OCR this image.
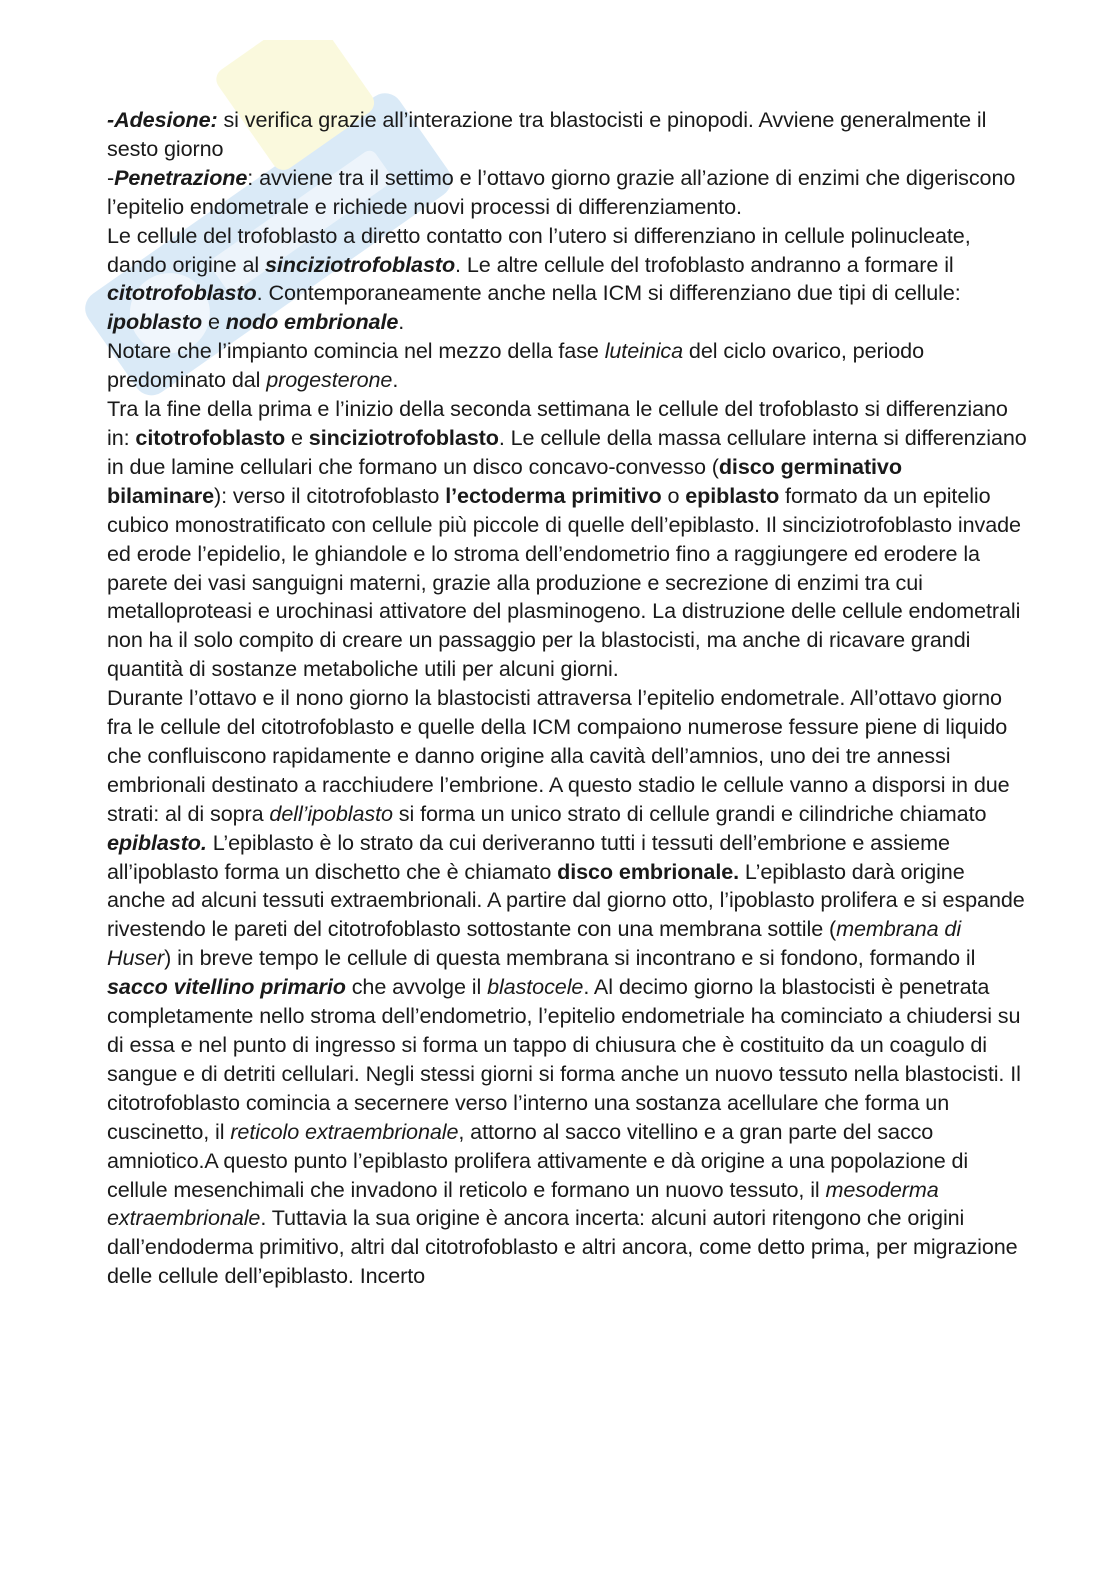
-Adesione: si verifica grazie all’interazione tra blastocisti e pinopodi. Avviene generalmente il sesto giorno

-Penetrazione: avviene tra il settimo e l’ottavo giorno grazie all’azione di enzimi che digeriscono l’epitelio endometrale e richiede nuovi processi di differenziamento.

Le cellule del trofoblasto a diretto contatto con l’utero si differenziano in cellule polinucleate, dando origine al sinciziotrofoblasto. Le altre cellule del trofoblasto andranno a formare il citotrofoblasto. Contemporaneamente anche nella ICM si differenziano due tipi di cellule: ipoblasto e nodo embrionale.

Notare che l’impianto comincia nel mezzo della fase luteinica del ciclo ovarico, periodo predominato dal progesterone.

Tra la fine della prima e l’inizio della seconda settimana le cellule del trofoblasto si differenziano in: citotrofoblasto e sinciziotrofoblasto. Le cellule della massa cellulare interna si differenziano in due lamine cellulari che formano un disco concavo-convesso (disco germinativo bilaminare): verso il citotrofoblasto l’ectoderma primitivo o epiblasto formato da un epitelio cubico monostratificato con cellule più piccole di quelle dell’epiblasto. Il sinciziotrofoblasto invade ed erode l’epidelio, le ghiandole e lo stroma dell’endometrio fino a raggiungere ed erodere la parete dei vasi sanguigni materni, grazie alla produzione e secrezione di enzimi tra cui metalloproteasi e urochinasi attivatore del plasminogeno. La distruzione delle cellule endometrali non ha il solo compito di creare un passaggio per la blastocisti, ma anche di ricavare grandi quantità di sostanze metaboliche utili per alcuni giorni.

Durante l’ottavo e il nono giorno la blastocisti attraversa l’epitelio endometrale. All’ottavo giorno fra le cellule del citotrofoblasto e quelle della ICM compaiono numerose fessure piene di liquido che confluiscono rapidamente e danno origine alla cavità dell’amnios, uno dei tre annessi embrionali destinato a racchiudere l’embrione. A questo stadio le cellule vanno a disporsi in due strati: al di sopra dell’ipoblasto si forma un unico strato di cellule grandi e cilindriche chiamato epiblasto. L’epiblasto è lo strato da cui deriveranno tutti i tessuti dell’embrione e assieme all’ipoblasto forma un dischetto che è chiamato disco embrionale. L’epiblasto darà origine anche ad alcuni tessuti extraembrionali. A partire dal giorno otto, l’ipoblasto prolifera e si espande rivestendo le pareti del citotrofoblasto sottostante con una membrana sottile (membrana di Huser) in breve tempo le cellule di questa membrana si incontrano e si fondono, formando il sacco vitellino primario che avvolge il blastocele. Al decimo giorno la blastocisti è penetrata completamente nello stroma dell’endometrio, l’epitelio endometriale ha cominciato a chiudersi su di essa e nel punto di ingresso si forma un tappo di chiusura che è costituito da un coagulo di sangue e di detriti cellulari. Negli stessi giorni si forma anche un nuovo tessuto nella blastocisti. Il citotrofoblasto comincia a secernere verso l’interno una sostanza acellulare che forma un cuscinetto, il reticolo extraembrionale, attorno al sacco vitellino e a gran parte del sacco amniotico.A questo punto l’epiblasto prolifera attivamente e dà origine a una popolazione di cellule mesenchimali che invadono il reticolo e formano un nuovo tessuto, il mesoderma extraembrionale. Tuttavia la sua origine è ancora incerta: alcuni autori ritengono che origini dall’endoderma primitivo, altri dal citotrofoblasto e altri ancora, come detto prima, per migrazione delle cellule dell’epiblasto. Incerto
